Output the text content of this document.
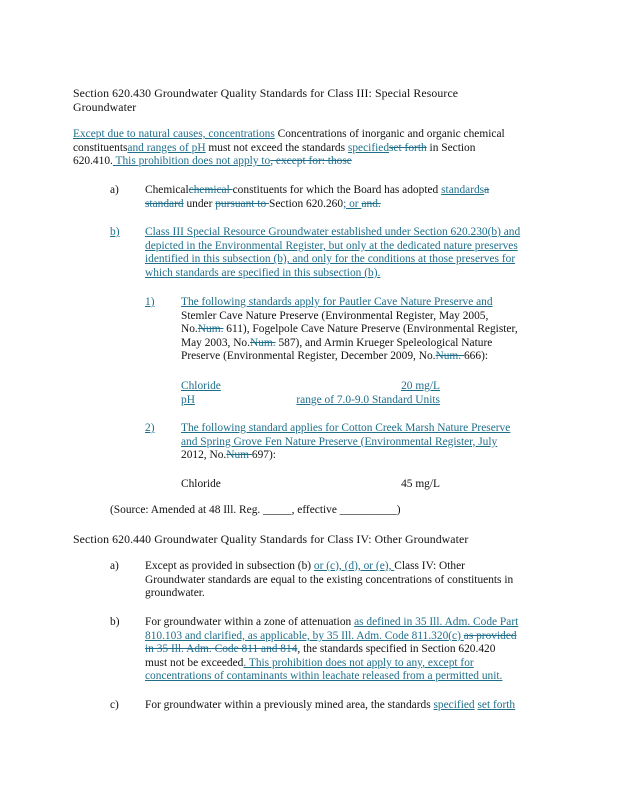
Section 620.430 Groundwater Quality Standards for Class III: Special Resource
Groundwater

Except due to natural causes, concentrations Concentrations of inorganic and organic chemical
constituentsand ranges of pH must not exceed the standards specifiedset forth in Section
620.410. This prohibition does not apply to, except for: those

a) Chemicalchemical constituents for which the Board has adopted standardsa
standard under pursuant to Section 620.260; or and.

b) Class III Special Resource Groundwater established under Section 620.230(b) and
depicted in the Environmental Register, but only at the dedicated nature preserves
identified in this subsection (b), and only for the conditions at those preserves for
which standards are specified in this subsection (b).

1) The following standards apply for Pautler Cave Nature Preserve and
Stemler Cave Nature Preserve (Environmental Register, May 2005,
No.Num. 611), Fogelpole Cave Nature Preserve (Environmental Register,
May 2003, No.Num. 587), and Armin Krueger Speleological Nature
Preserve (Environmental Register, December 2009, No.Num. 666):

Chloride	20 mg/L
pH	range of 7.0-9.0 Standard Units
2) The following standard applies for Cotton Creek Marsh Nature Preserve
and Spring Grove Fen Nature Preserve (Environmental Register, July
2012, No.Num 697):

Chloride	45 mg/L

(Source: Amended at 48 Ill. Reg. _____, effective __________)

Section 620.440 Groundwater Quality Standards for Class IV: Other Groundwater

a) Except as provided in subsection (b) or (c), (d), or (e), Class IV: Other
Groundwater standards are equal to the existing concentrations of constituents in
groundwater.

b) For groundwater within a zone of attenuation as defined in 35 Ill. Adm. Code Part
810.103 and clarified, as applicable, by 35 Ill. Adm. Code 811.320(c) as provided
in 35 Ill. Adm. Code 811 and 814, the standards specified in Section 620.420
must not be exceeded. This prohibition does not apply to any, except for
concentrations of contaminants within leachate released from a permitted unit.

c) For groundwater within a previously mined area, the standards specified set forth
